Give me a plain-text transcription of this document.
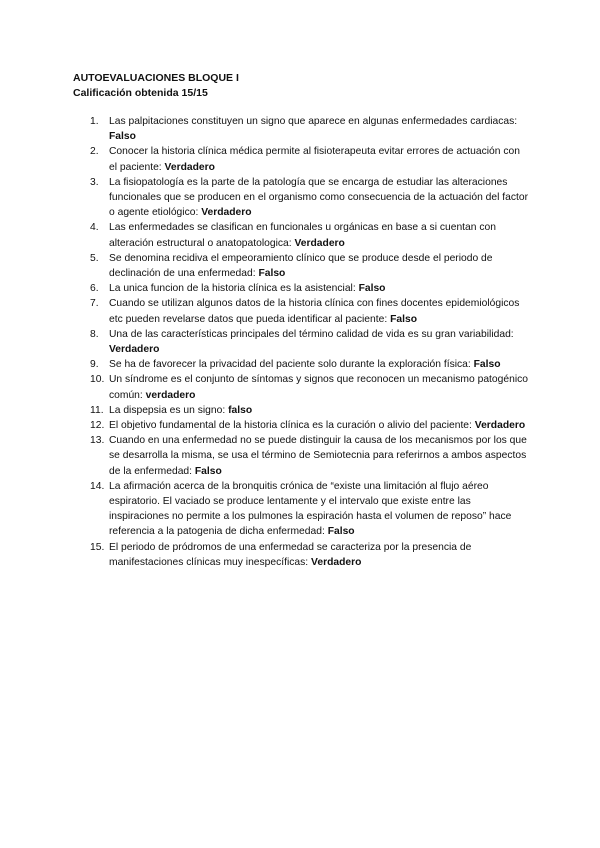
AUTOEVALUACIONES BLOQUE I

Calificación obtenida 15/15

1.	Las palpitaciones constituyen un signo que aparece en algunas enfermedades cardiacas: Falso
2.	Conocer la historia clínica médica permite al fisioterapeuta evitar errores de actuación con el paciente: Verdadero
3.	La fisiopatología es la parte de la patología que se encarga de estudiar las alteraciones funcionales que se producen en el organismo como consecuencia de la actuación del factor o agente etiológico: Verdadero
4.	Las enfermedades se clasifican en funcionales u orgánicas en base a si cuentan con alteración estructural o anatopatologica: Verdadero
5.	Se denomina recidiva el empeoramiento clínico que se produce desde el periodo de declinación de una enfermedad: Falso
6.	La unica funcion de la historia clínica es la asistencial: Falso
7.	Cuando se utilizan algunos datos de la historia clínica con fines docentes epidemiológicos etc pueden revelarse datos que pueda identificar al paciente: Falso
8.	Una de las características principales del término calidad de vida es su gran variabilidad: Verdadero
9.	Se ha de favorecer la privacidad del paciente solo durante la exploración física: Falso
10. Un síndrome es el conjunto de síntomas y signos que reconocen un mecanismo patogénico común: verdadero
11. La dispepsia es un signo: falso
12. El objetivo fundamental de la historia clínica es la curación o alivio del paciente: Verdadero
13. Cuando en una enfermedad no se puede distinguir la causa de los mecanismos por los que se desarrolla la misma, se usa el término de Semiotecnia para referirnos a ambos aspectos de la enfermedad: Falso
14. La afirmación acerca de la bronquitis crónica de “existe una limitación al flujo aéreo espiratorio. El vaciado se produce lentamente y el intervalo que existe entre las inspiraciones no permite a los pulmones la espiración hasta el volumen de reposo” hace referencia a la patogenia de dicha enfermedad: Falso
15. El periodo de pródromos de una enfermedad se caracteriza por la presencia de manifestaciones clínicas muy inespecíficas: Verdadero
